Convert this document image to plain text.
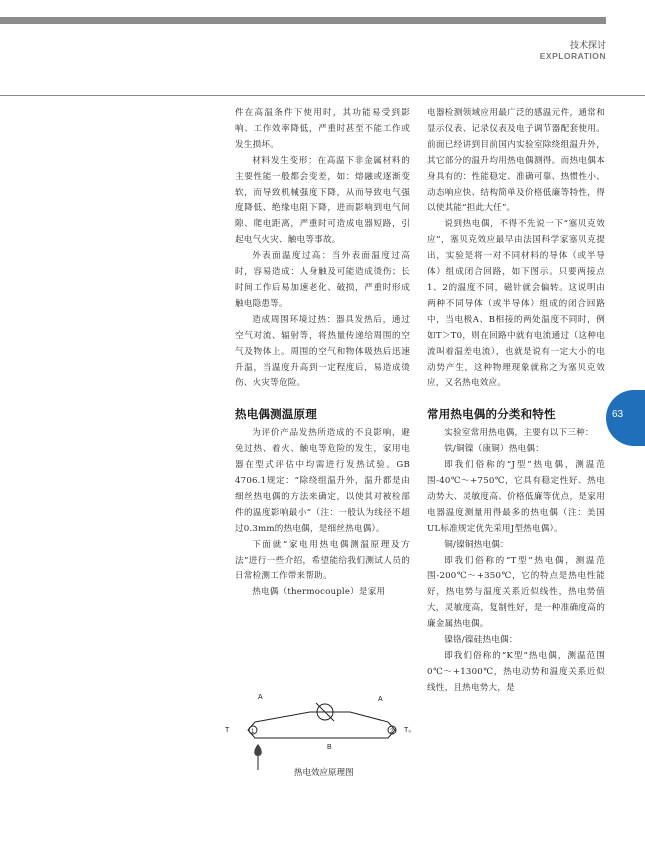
技术探讨
EXPLORATION

件在高温条件下使用时，其功能易受到影响、工作效率降低，严重时甚至不能工作或发生损坏。

材料发生变形：在高温下非金属材料的主要性能一般都会变差，如：熔融或逐渐变软，而导致机械强度下降，从而导致电气强度降低、绝缘电阻下降，进而影响到电气间隙、爬电距离，严重时可造成电器短路，引起电气火灾、触电等事故。

外表面温度过高：当外表面温度过高时，容易造成：人身触及可能造成烫伤；长时间工作后易加速老化、破损，严重时形成触电隐患等。

造成周围环境过热：器具发热后，通过空气对流、辐射等，将热量传递给周围的空气及物体上。周围的空气和物体吸热后迅速升温，当温度升高到一定程度后，易造成烫伤、火灾等危险。

热电偶测温原理

为评价产品发热所造成的不良影响，避免过热、着火、触电等危险的发生，家用电器在型式评估中均需进行发热试验。GB 4706.1规定：“除绕组温升外，温升都是由细丝热电偶的方法来确定，以使其对被检部件的温度影响最小”（注：一般认为线径不超过0.3mm的热电偶，是细丝热电偶）。

下面就“家电用热电偶测温原理及方法”进行一些介绍，希望能给我们测试人员的日常检测工作带来帮助。

热电偶（thermocouple）是家用

电器检测领域应用最广泛的感温元件，通常和显示仪表、记录仪表及电子调节器配套使用。前面已经讲到目前国内实验室除绕组温升外，其它部分的温升均用热电偶测得。而热电偶本身具有的：性能稳定、准确可靠、热惯性小、动态响应快、结构简单及价格低廉等特性，得以使其能“担此大任”。

说到热电偶，不得不先说一下“塞贝克效应”，塞贝克效应最早由法国科学家塞贝克提出，实验是将一对不同材料的导体（或半导体）组成闭合回路，如下图示。只要两接点1、2的温度不同，磁针就会偏转。这说明由两种不同导体（或半导体）组成的闭合回路中，当电极A、B相接的两处温度不同时，例如T＞T0，则在回路中就有电流通过（这种电流叫着温差电流），也就是说有一定大小的电动势产生，这种物理现象就称之为塞贝克效应，又名热电效应。

常用热电偶的分类和特性

实验室常用热电偶，主要有以下三种：

铁/铜镍（康铜）热电偶：

即我们俗称的“J型”热电偶，测温范围-40℃～+750℃，它具有稳定性好、热电动势大、灵敏度高、价格低廉等优点，是家用电器温度测量用得最多的热电偶（注：美国UL标准规定优先采用J型热电偶）。

铜/镍铜热电偶：

即我们俗称的“T型”热电偶，测温范围-200℃～+350℃，它的特点是热电性能好，热电势与温度关系近似线性，热电势值大，灵敏度高，复制性好，是一种准确度高的廉金属热电偶。

镍铬/镍硅热电偶：

即我们俗称的“K型”热电偶，测温范围0℃～+1300℃，热电动势和温度关系近似线性，且热电势大，是

63
A	A
B
T	T₀
1	2
热电效应原理图
